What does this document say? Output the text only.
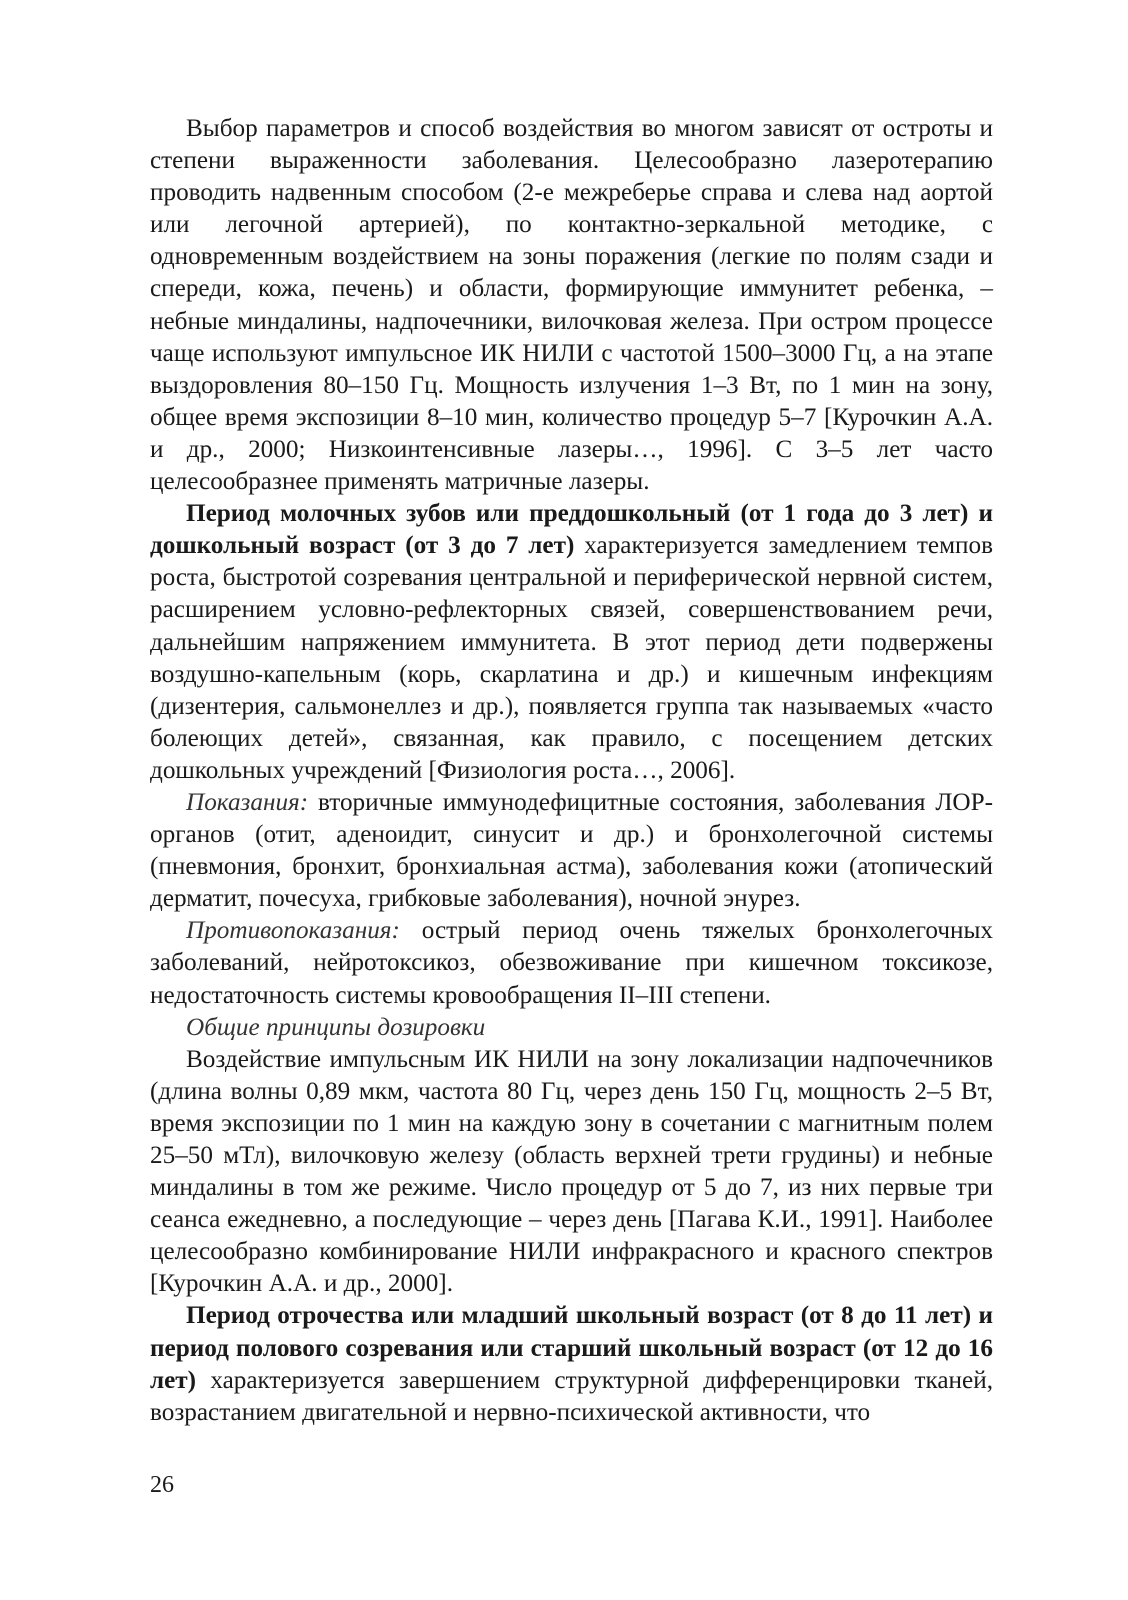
Выбор параметров и способ воздействия во многом зависят от остроты и степени выраженности заболевания. Целесообразно лазеротерапию проводить надвенным способом (2-е межреберье справа и слева над аортой или легочной артерией), по контактно-зеркальной методике, с одновременным воздействием на зоны поражения (легкие по полям сзади и спереди, кожа, печень) и области, формирующие иммунитет ребенка, – небные миндалины, надпочечники, вилочковая железа. При остром процессе чаще используют импульсное ИК НИЛИ с частотой 1500–3000 Гц, а на этапе выздоровления 80–150 Гц. Мощность излучения 1–3 Вт, по 1 мин на зону, общее время экспозиции 8–10 мин, количество процедур 5–7 [Курочкин А.А. и др., 2000; Низкоинтенсивные лазеры…, 1996]. С 3–5 лет часто целесообразнее применять матричные лазеры.

Период молочных зубов или преддошкольный (от 1 года до 3 лет) и дошкольный возраст (от 3 до 7 лет) характеризуется замедлением темпов роста, быстротой созревания центральной и периферической нервной систем, расширением условно-рефлекторных связей, совершенствованием речи, дальнейшим напряжением иммунитета. В этот период дети подвержены воздушно-капельным (корь, скарлатина и др.) и кишечным инфекциям (дизентерия, сальмонеллез и др.), появляется группа так называемых «часто болеющих детей», связанная, как правило, с посещением детских дошкольных учреждений [Физиология роста…, 2006].

Показания: вторичные иммунодефицитные состояния, заболевания ЛОР-органов (отит, аденоидит, синусит и др.) и бронхолегочной системы (пневмония, бронхит, бронхиальная астма), заболевания кожи (атопический дерматит, почесуха, грибковые заболевания), ночной энурез.

Противопоказания: острый период очень тяжелых бронхолегочных заболеваний, нейротоксикоз, обезвоживание при кишечном токсикозе, недостаточность системы кровообращения II–III степени.

Общие принципы дозировки

Воздействие импульсным ИК НИЛИ на зону локализации надпочечников (длина волны 0,89 мкм, частота 80 Гц, через день 150 Гц, мощность 2–5 Вт, время экспозиции по 1 мин на каждую зону в сочетании с магнитным полем 25–50 мТл), вилочковую железу (область верхней трети грудины) и небные миндалины в том же режиме. Число процедур от 5 до 7, из них первые три сеанса ежедневно, а последующие – через день [Пагава К.И., 1991]. Наиболее целесообразно комбинирование НИЛИ инфракрасного и красного спектров [Курочкин А.А. и др., 2000].

Период отрочества или младший школьный возраст (от 8 до 11 лет) и период полового созревания или старший школьный возраст (от 12 до 16 лет) характеризуется завершением структурной дифференцировки тканей, возрастанием двигательной и нервно-психической активности, что

26
